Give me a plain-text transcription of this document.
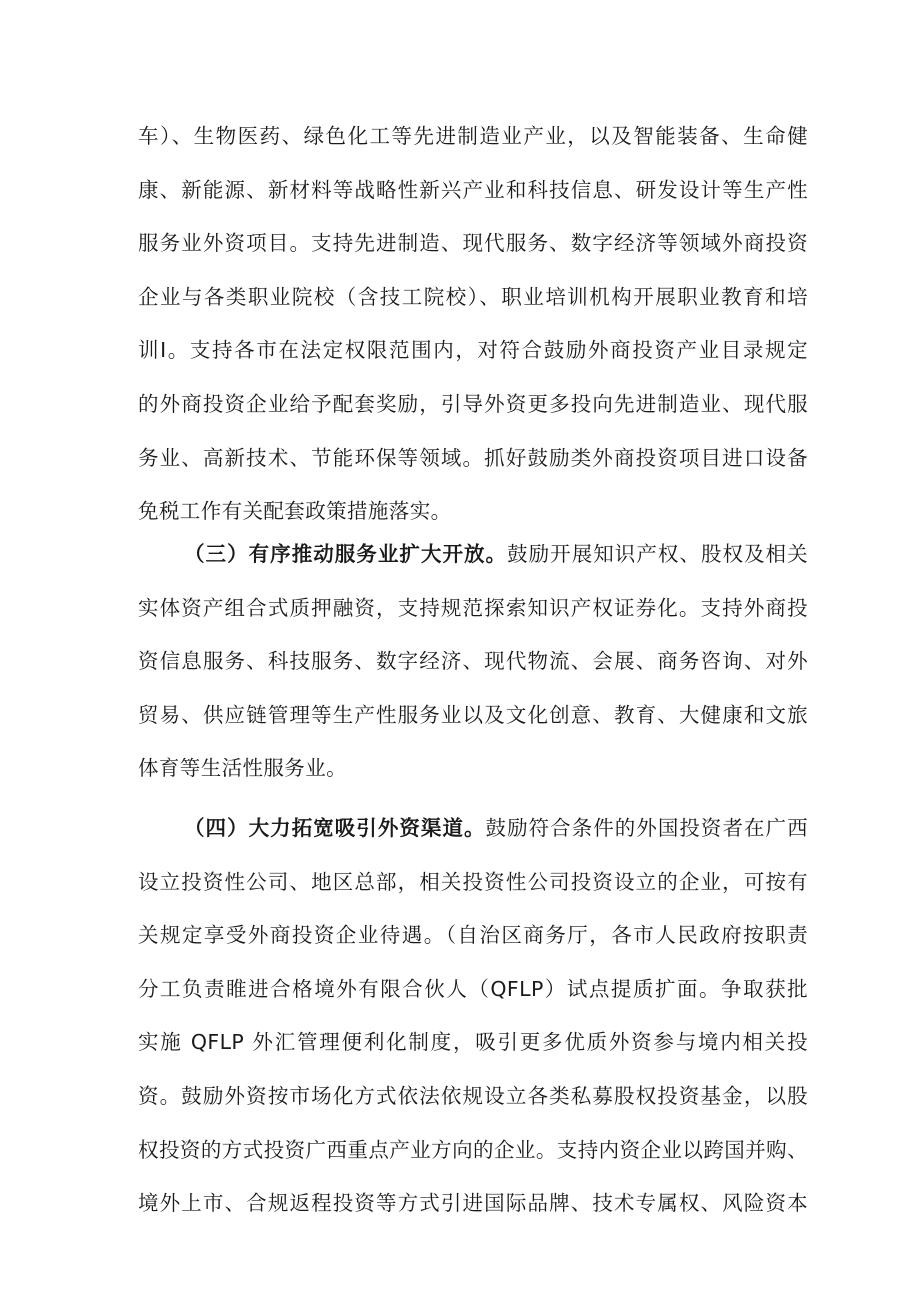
车）、生物医药、绿色化工等先进制造业产业，以及智能装备、生命健
康、新能源、新材料等战略性新兴产业和科技信息、研发设计等生产性
服务业外资项目。支持先进制造、现代服务、数字经济等领域外商投资
企业与各类职业院校（含技工院校）、职业培训机构开展职业教育和培
训Ⅰ。支持各市在法定权限范围内，对符合鼓励外商投资产业目录规定
的外商投资企业给予配套奖励，引导外资更多投向先进制造业、现代服
务业、高新技术、节能环保等领域。抓好鼓励类外商投资项目进口设备
免税工作有关配套政策措施落实。
（三）有序推动服务业扩大开放。鼓励开展知识产权、股权及相关
实体资产组合式质押融资，支持规范探索知识产权证券化。支持外商投
资信息服务、科技服务、数字经济、现代物流、会展、商务咨询、对外
贸易、供应链管理等生产性服务业以及文化创意、教育、大健康和文旅
体育等生活性服务业。
（四）大力拓宽吸引外资渠道。鼓励符合条件的外国投资者在广西
设立投资性公司、地区总部，相关投资性公司投资设立的企业，可按有
关规定享受外商投资企业待遇。（自治区商务厅，各市人民政府按职责
分工负责睢进合格境外有限合伙人（QFLP）试点提质扩面。争取获批
实施 QFLP 外汇管理便利化制度，吸引更多优质外资参与境内相关投
资。鼓励外资按市场化方式依法依规设立各类私募股权投资基金，以股
权投资的方式投资广西重点产业方向的企业。支持内资企业以跨国并购、
境外上市、合规返程投资等方式引进国际品牌、技术专属权、风险资本
